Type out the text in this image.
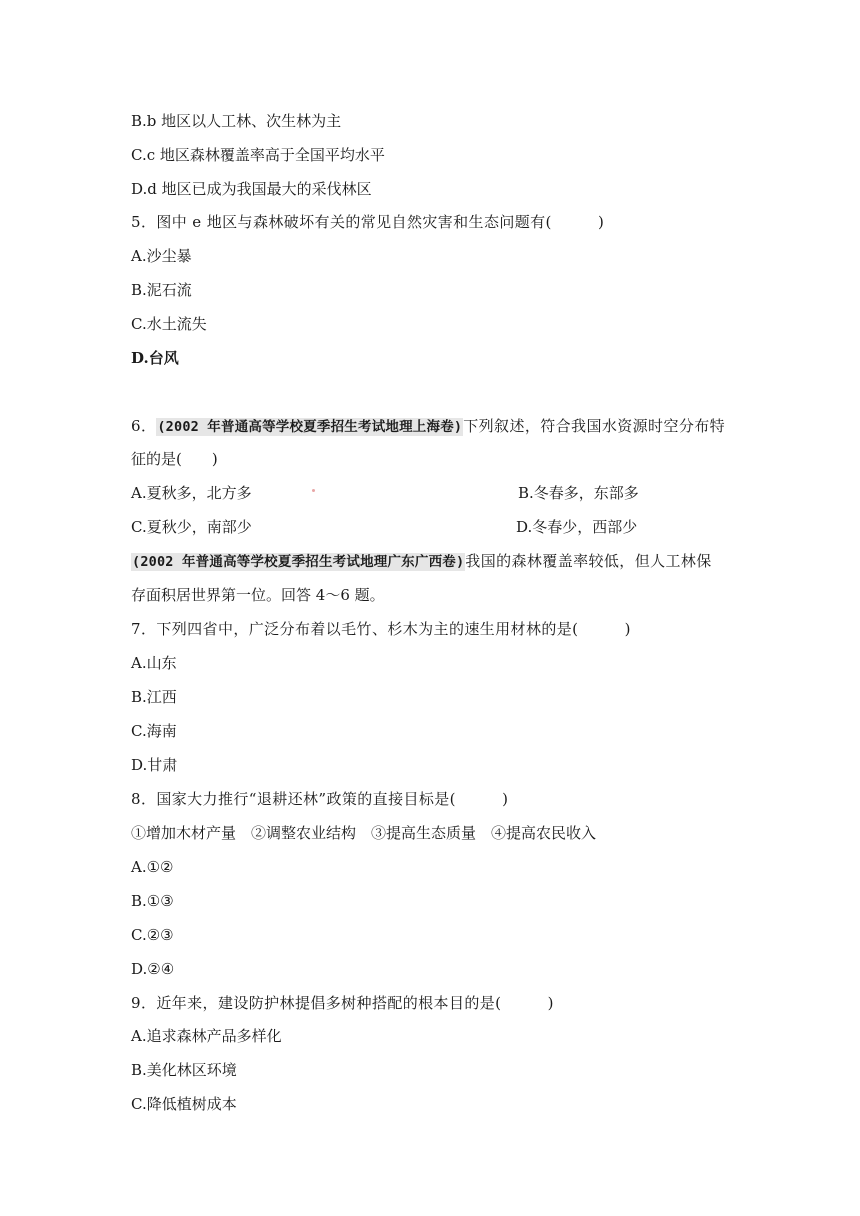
B.b 地区以人工林、次生林为主
C.c 地区森林覆盖率高于全国平均水平
D.d 地区已成为我国最大的采伐林区
5．图中 e 地区与森林破坏有关的常见自然灾害和生态问题有(　　　)
A.沙尘暴
B.泥石流
C.水土流失
D.台风
6．(2002 年普通高等学校夏季招生考试地理上海卷)下列叙述，符合我国水资源时空分布特
征的是(　　)
A.夏秋多，北方多	B.冬春多，东部多
C.夏秋少，南部少	D.冬春少，西部少
(2002 年普通高等学校夏季招生考试地理广东广西卷)我国的森林覆盖率较低，但人工林保
存面积居世界第一位。回答 4～6 题。
7．下列四省中，广泛分布着以毛竹、杉木为主的速生用材林的是(　　　)
A.山东
B.江西
C.海南
D.甘肃
8．国家大力推行“退耕还林”政策的直接目标是(　　　)
①增加木材产量　②调整农业结构　③提高生态质量　④提高农民收入
A.①②
B.①③
C.②③
D.②④
9．近年来，建设防护林提倡多树种搭配的根本目的是(　　　)
A.追求森林产品多样化
B.美化林区环境
C.降低植树成本
